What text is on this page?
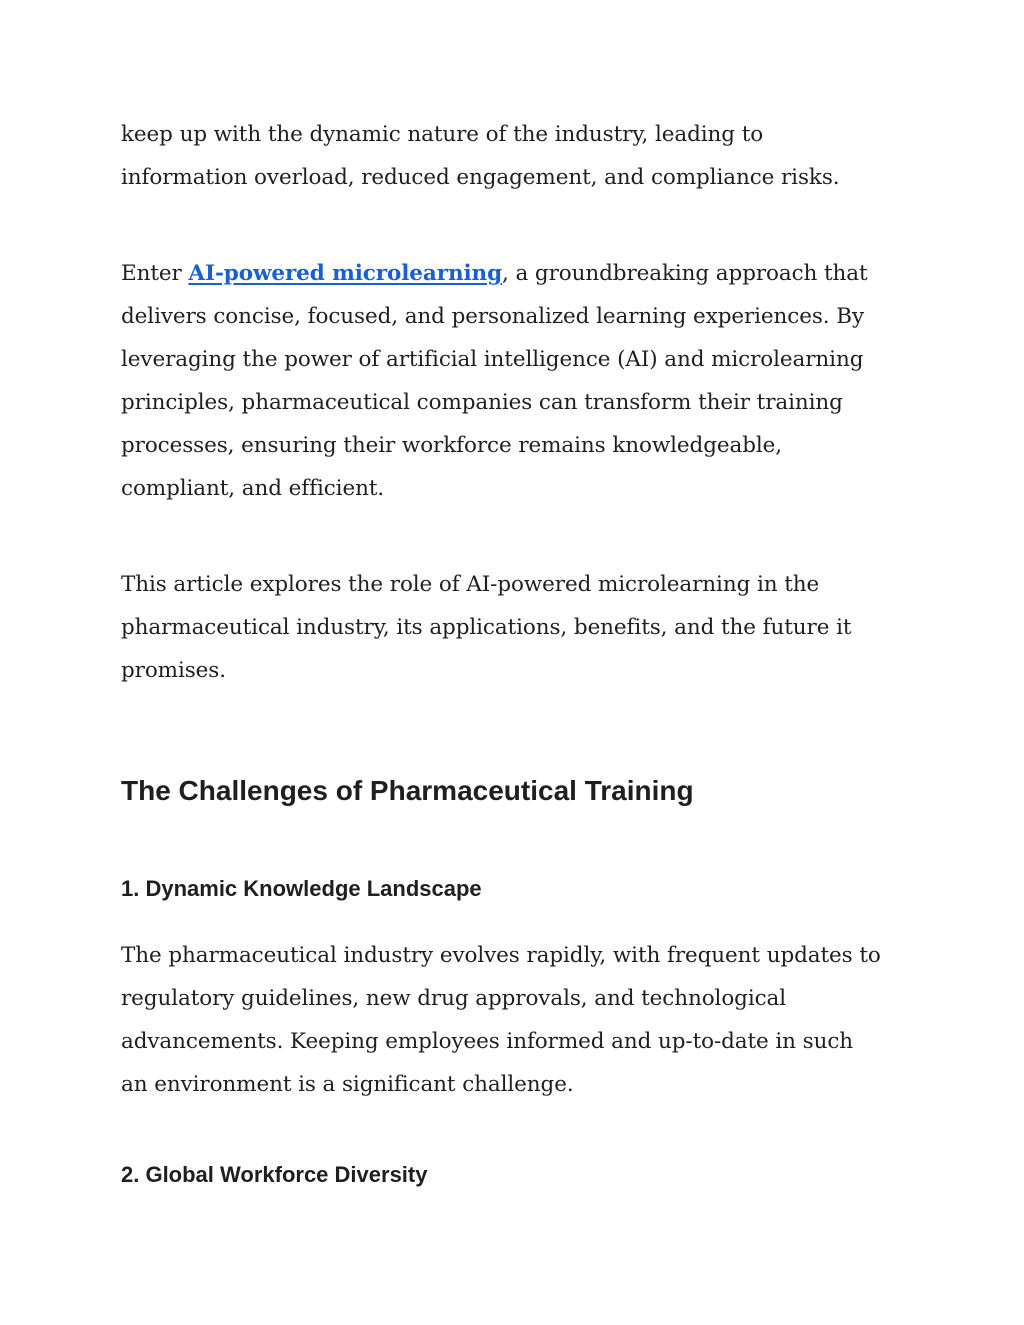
keep up with the dynamic nature of the industry, leading to
information overload, reduced engagement, and compliance risks.

Enter AI-powered microlearning, a groundbreaking approach that
delivers concise, focused, and personalized learning experiences. By
leveraging the power of artificial intelligence (AI) and microlearning
principles, pharmaceutical companies can transform their training
processes, ensuring their workforce remains knowledgeable,
compliant, and efficient.

This article explores the role of AI-powered microlearning in the
pharmaceutical industry, its applications, benefits, and the future it
promises.

The Challenges of Pharmaceutical Training
1. Dynamic Knowledge Landscape

The pharmaceutical industry evolves rapidly, with frequent updates to
regulatory guidelines, new drug approvals, and technological
advancements. Keeping employees informed and up-to-date in such
an environment is a significant challenge.

2. Global Workforce Diversity
